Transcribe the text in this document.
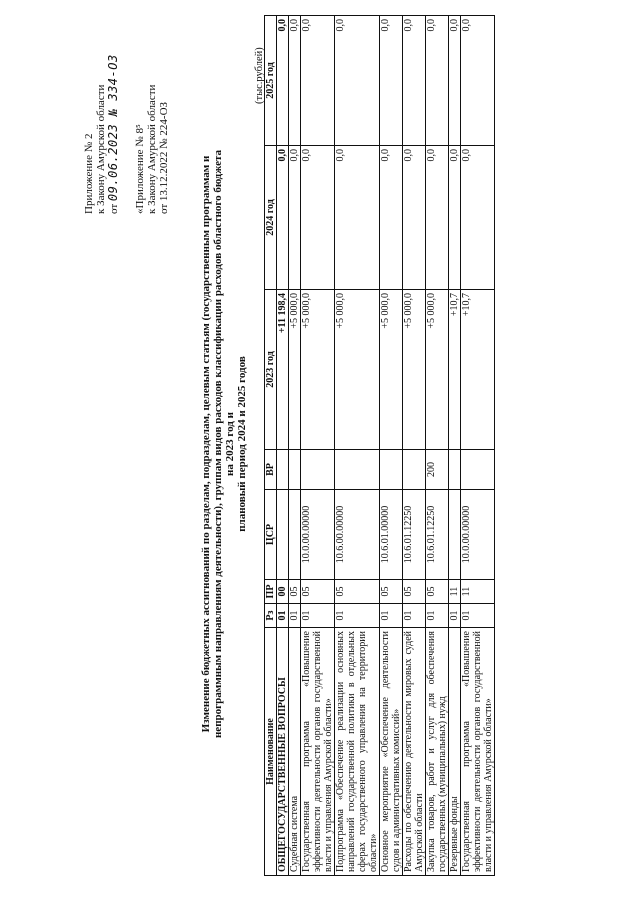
Приложение № 2 к Закону Амурской области от 09.06.2023 № 334-ОЗ «Приложение № 8⁵ к Закону Амурской области от 13.12.2022 № 224-ОЗ	Изменение бюджетных ассигнований по разделам, подразделам, целевым статьям (государственным программам и непрограммным направлениям деятельности), группам видов расходов классификации расходов областного бюджета на 2023 год и плановый период 2024 и 2025 годов
(тыс.рублей)
Наименование	Рз	ПР	ЦСР	ВР	2023 год	2024 год	2025 год
ОБЩЕГОСУДАРСТВЕННЫЕ ВОПРОСЫ	01	00			+11 198,4	0,0	0,0
Судебная система	01	05			+5 000,0	0,0	0,0
Государственная программа «Повышение эффективности деятельности органов государственной власти и управления Амурской области»	01	05	10.0.00.00000		+5 000,0	0,0	0,0
Подпрограмма «Обеспечение реализации основных направлений государственной политики в отдельных сферах государственного управления на территории области»	01	05	10.6.00.00000		+5 000,0	0,0	0,0
Основное мероприятие «Обеспечение деятельности судов и административных комиссий»	01	05	10.6.01.00000		+5 000,0	0,0	0,0
Расходы по обеспечению деятельности мировых судей Амурской области	01	05	10.6.01.12250		+5 000,0	0,0	0,0
Закупка товаров, работ и услуг для обеспечения государственных (муниципальных) нужд	01	05	10.6.01.12250	200	+5 000,0	0,0	0,0
Резервные фонды	01	11			+10,7	0,0	0,0
Государственная программа «Повышение эффективности деятельности органов государственной власти и управления Амурской области»	01	11	10.0.00.00000		+10,7	0,0	0,0
